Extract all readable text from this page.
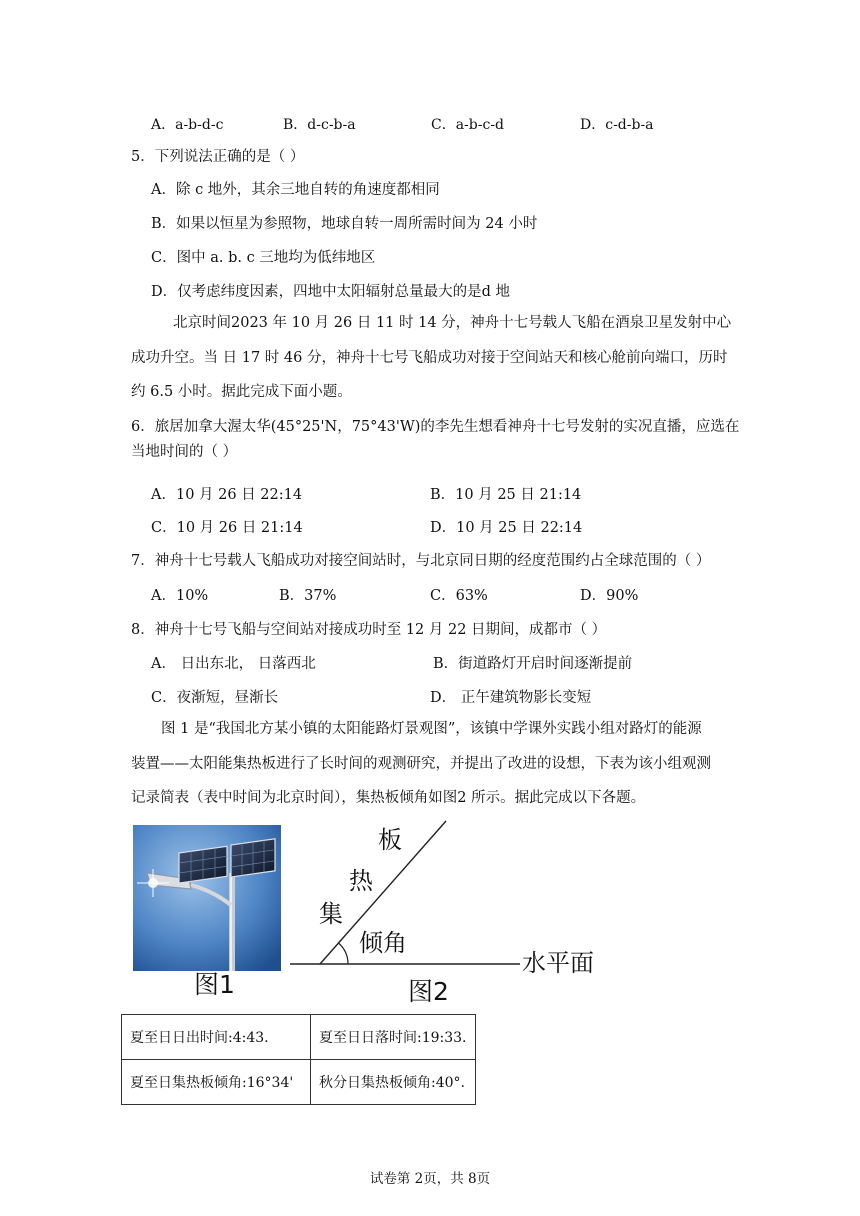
A．a-b-d-c	B．d-c-b-a	C．a-b-c-d	D．c-d-b-a
5．下列说法正确的是（ ）
A．除 c 地外，其余三地自转的角速度都相同
B．如果以恒星为参照物，地球自转一周所需时间为 24 小时
C．图中 a. b. c 三地均为低纬地区
D．仅考虑纬度因素，四地中太阳辐射总量最大的是d 地
北京时间2023 年 10 月 26 日 11 时 14 分，神舟十七号载人飞船在酒泉卫星发射中心
成功升空。当 日 17 时 46 分，神舟十七号飞船成功对接于空间站天和核心舱前向端口，历时
约 6.5 小时。据此完成下面小题。
6．旅居加拿大渥太华(45°25'N，75°43'W)的李先生想看神舟十七号发射的实况直播，应选在
当地时间的（ ）
A．10 月 26 日 22:14	B．10 月 25 日 21:14
C．10 月 26 日 21:14	D．10 月 25 日 22:14
7．神舟十七号载人飞船成功对接空间站时，与北京同日期的经度范围约占全球范围的（ ）
A．10%	B．37%	C．63%	D．90%
8．神舟十七号飞船与空间站对接成功时至 12 月 22 日期间，成都市（ ）
A． 日出东北， 日落西北	B．街道路灯开启时间逐渐提前
C．夜渐短，昼渐长	D． 正午建筑物影长变短
图 1 是“我国北方某小镇的太阳能路灯景观图”，该镇中学课外实践小组对路灯的能源
装置——太阳能集热板进行了长时间的观测研究，并提出了改进的设想，下表为该小组观测
记录简表（表中时间为北京时间），集热板倾角如图2 所示。据此完成以下各题。
图1
板
热
集
倾角
水平面
图2
夏至日日出时间:4:43.	夏至日日落时间:19:33.
夏至日集热板倾角:16°34'	秋分日集热板倾角:40°.
试卷第 2页，共 8页
